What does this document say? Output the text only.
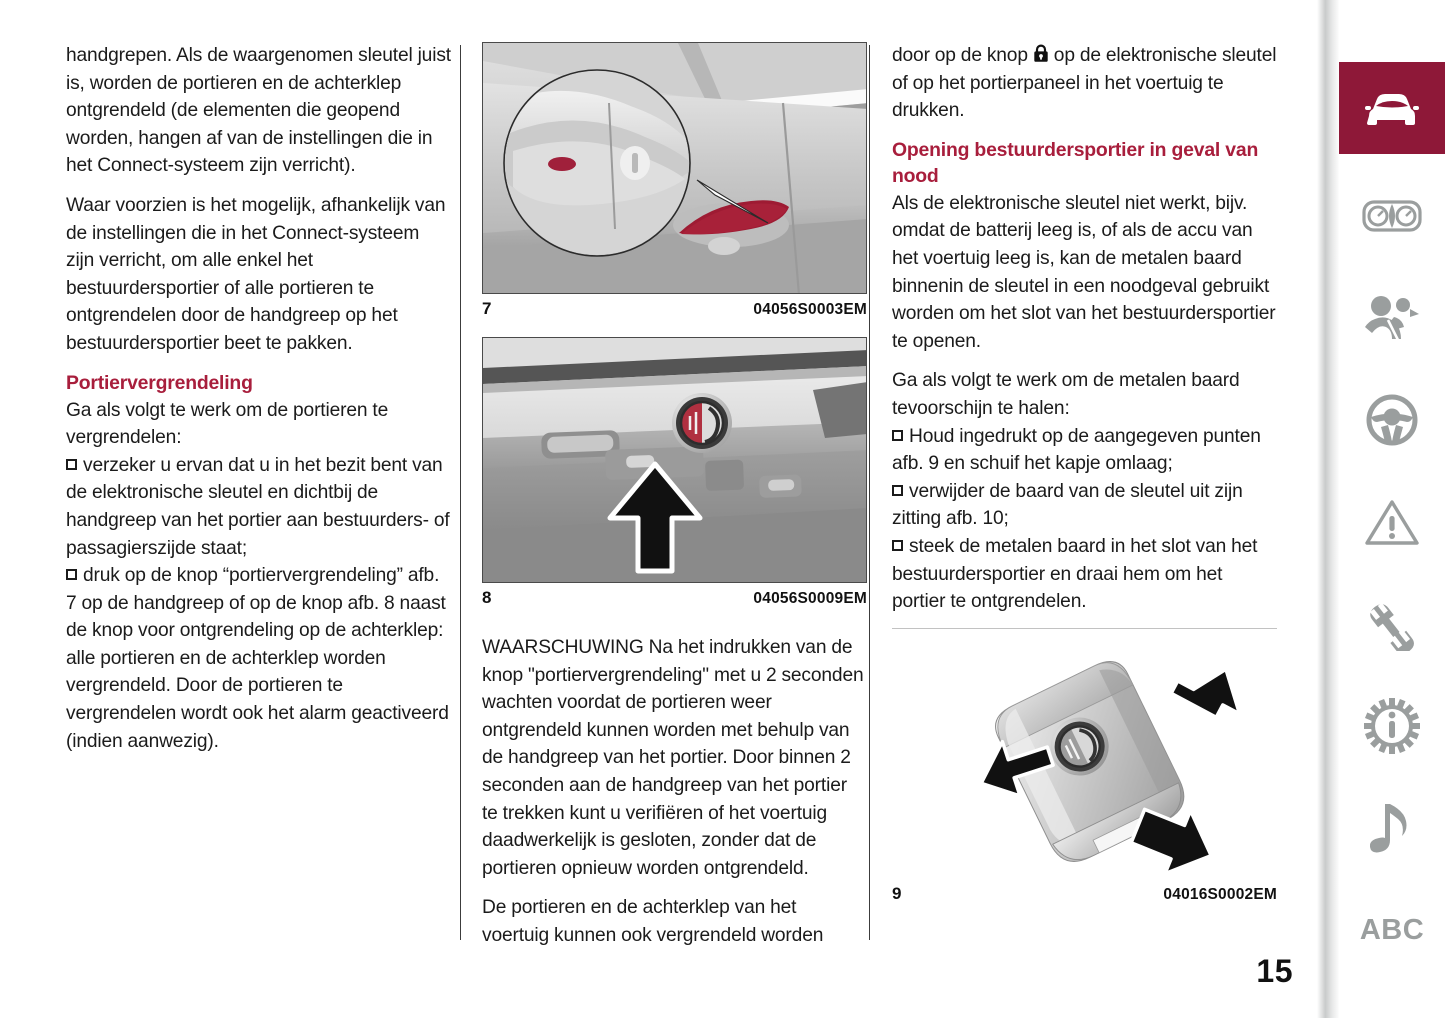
handgrepen. Als de waargenomen sleutel juist is, worden de portieren en de achterklep ontgrendeld (de elementen die geopend worden, hangen af van de instellingen die in het Connect-systeem zijn verricht).

Waar voorzien is het mogelijk, afhankelijk van de instellingen die in het Connect-systeem zijn verricht, om alle enkel het bestuurdersportier of alle portieren te ontgrendelen door de handgreep op het bestuurdersportier beet te pakken.

Portiervergrendeling

Ga als volgt te werk om de portieren te vergrendelen:

verzeker u ervan dat u in het bezit bent van de elektronische sleutel en dichtbij de handgreep van het portier aan bestuurders- of passagierszijde staat;

druk op de knop “portiervergrendeling” afb. 7 op de handgreep of op de knop afb. 8 naast de knop voor ontgrendeling op de achterklep: alle portieren en de achterklep worden vergrendeld. Door de portieren te vergrendelen wordt ook het alarm geactiveerd (indien aanwezig).

7	04056S0003EM
8	04056S0009EM

WAARSCHUWING Na het indrukken van de knop "portiervergrendeling" met u 2 seconden wachten voordat de portieren weer ontgrendeld kunnen worden met behulp van de handgreep van het portier. Door binnen 2 seconden aan de handgreep van het portier te trekken kunt u verifiëren of het voertuig daadwerkelijk is gesloten, zonder dat de portieren opnieuw worden ontgrendeld.

De portieren en de achterklep van het voertuig kunnen ook vergrendeld worden

door op de knop  op de elektronische sleutel of op het portierpaneel in het voertuig te drukken.

Opening bestuurdersportier in geval van nood

Als de elektronische sleutel niet werkt, bijv. omdat de batterij leeg is, of als de accu van het voertuig leeg is, kan de metalen baard binnenin de sleutel in een noodgeval gebruikt worden om het slot van het bestuurdersportier te openen.

Ga als volgt te werk om de metalen baard tevoorschijn te halen:

Houd ingedrukt op de aangegeven punten afb. 9 en schuif het kapje omlaag;

verwijder de baard van de sleutel uit zijn zitting afb. 10;

steek de metalen baard in het slot van het bestuurdersportier en draai hem om het portier te ontgrendelen.

9	04016S0002EM
15
ABC
